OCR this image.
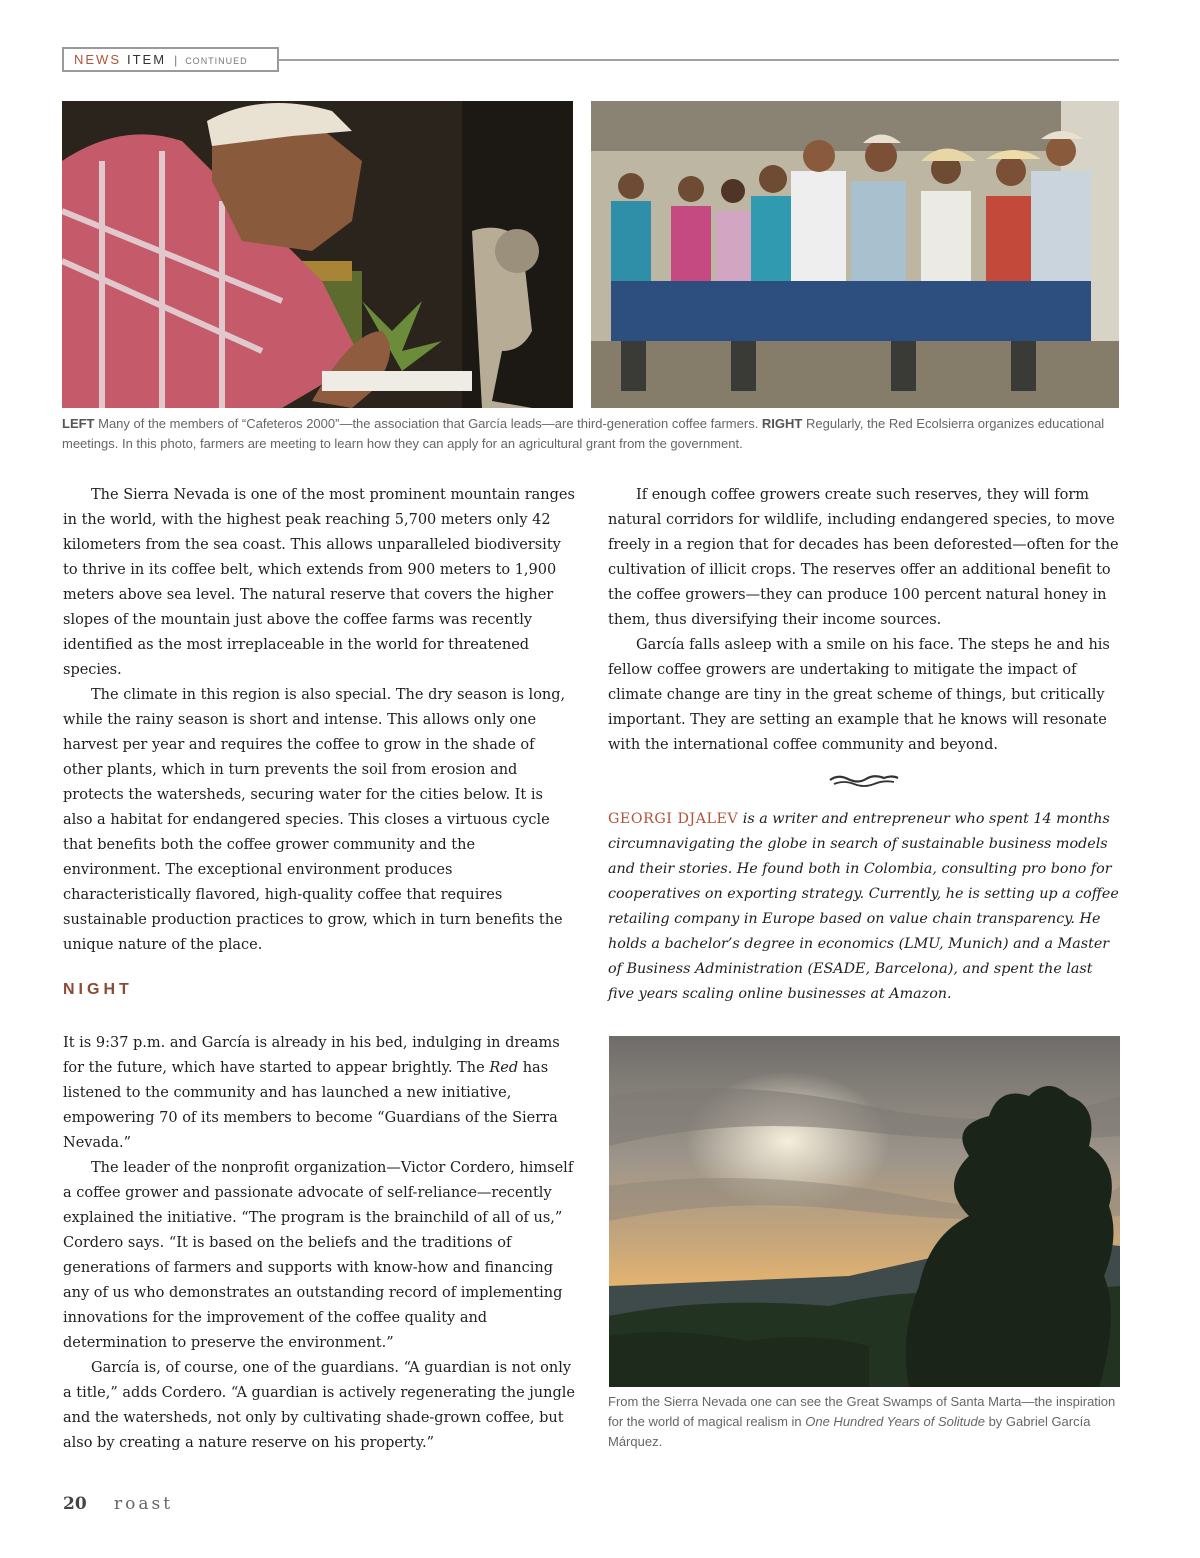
NEWS ITEM | CONTINUED
LEFT Many of the members of “Cafeteros 2000”—the association that García leads—are third-generation coffee farmers. RIGHT Regularly, the Red Ecolsierra organizes educational meetings. In this photo, farmers are meeting to learn how they can apply for an agricultural grant from the government.

The Sierra Nevada is one of the most prominent mountain ranges in the world, with the highest peak reaching 5,700 meters only 42 kilometers from the sea coast. This allows unparalleled biodiversity to thrive in its coffee belt, which extends from 900 meters to 1,900 meters above sea level. The natural reserve that covers the higher slopes of the mountain just above the coffee farms was recently identified as the most irreplaceable in the world for threatened species.

The climate in this region is also special. The dry season is long, while the rainy season is short and intense. This allows only one harvest per year and requires the coffee to grow in the shade of other plants, which in turn prevents the soil from erosion and protects the watersheds, securing water for the cities below. It is also a habitat for endangered species. This closes a virtuous cycle that benefits both the coffee grower community and the environment. The exceptional environment produces characteristically flavored, high-quality coffee that requires sustainable production practices to grow, which in turn benefits the unique nature of the place.

NIGHT

It is 9:37 p.m. and García is already in his bed, indulging in dreams for the future, which have started to appear brightly. The Red has listened to the community and has launched a new initiative, empowering 70 of its members to become “Guardians of the Sierra Nevada.”

The leader of the nonprofit organization—Victor Cordero, himself a coffee grower and passionate advocate of self-reliance—recently explained the initiative. “The program is the brainchild of all of us,” Cordero says. “It is based on the beliefs and the traditions of generations of farmers and supports with know-how and financing any of us who demonstrates an outstanding record of implementing innovations for the improvement of the coffee quality and determination to preserve the environment.”

García is, of course, one of the guardians. “A guardian is not only a title,” adds Cordero. “A guardian is actively regenerating the jungle and the watersheds, not only by cultivating shade-grown coffee, but also by creating a nature reserve on his property.”

If enough coffee growers create such reserves, they will form natural corridors for wildlife, including endangered species, to move freely in a region that for decades has been deforested—often for the cultivation of illicit crops. The reserves offer an additional benefit to the coffee growers—they can produce 100 percent natural honey in them, thus diversifying their income sources.

García falls asleep with a smile on his face. The steps he and his fellow coffee growers are undertaking to mitigate the impact of climate change are tiny in the great scheme of things, but critically important. They are setting an example that he knows will resonate with the international coffee community and beyond.

GEORGI DJALEV is a writer and entrepreneur who spent 14 months circumnavigating the globe in search of sustainable business models and their stories. He found both in Colombia, consulting pro bono for cooperatives on exporting strategy. Currently, he is setting up a coffee retailing company in Europe based on value chain transparency. He holds a bachelor’s degree in economics (LMU, Munich) and a Master of Business Administration (ESADE, Barcelona), and spent the last five years scaling online businesses at Amazon.
From the Sierra Nevada one can see the Great Swamps of Santa Marta—the inspiration for the world of magical realism in One Hundred Years of Solitude by Gabriel García Márquez.
20 roast
